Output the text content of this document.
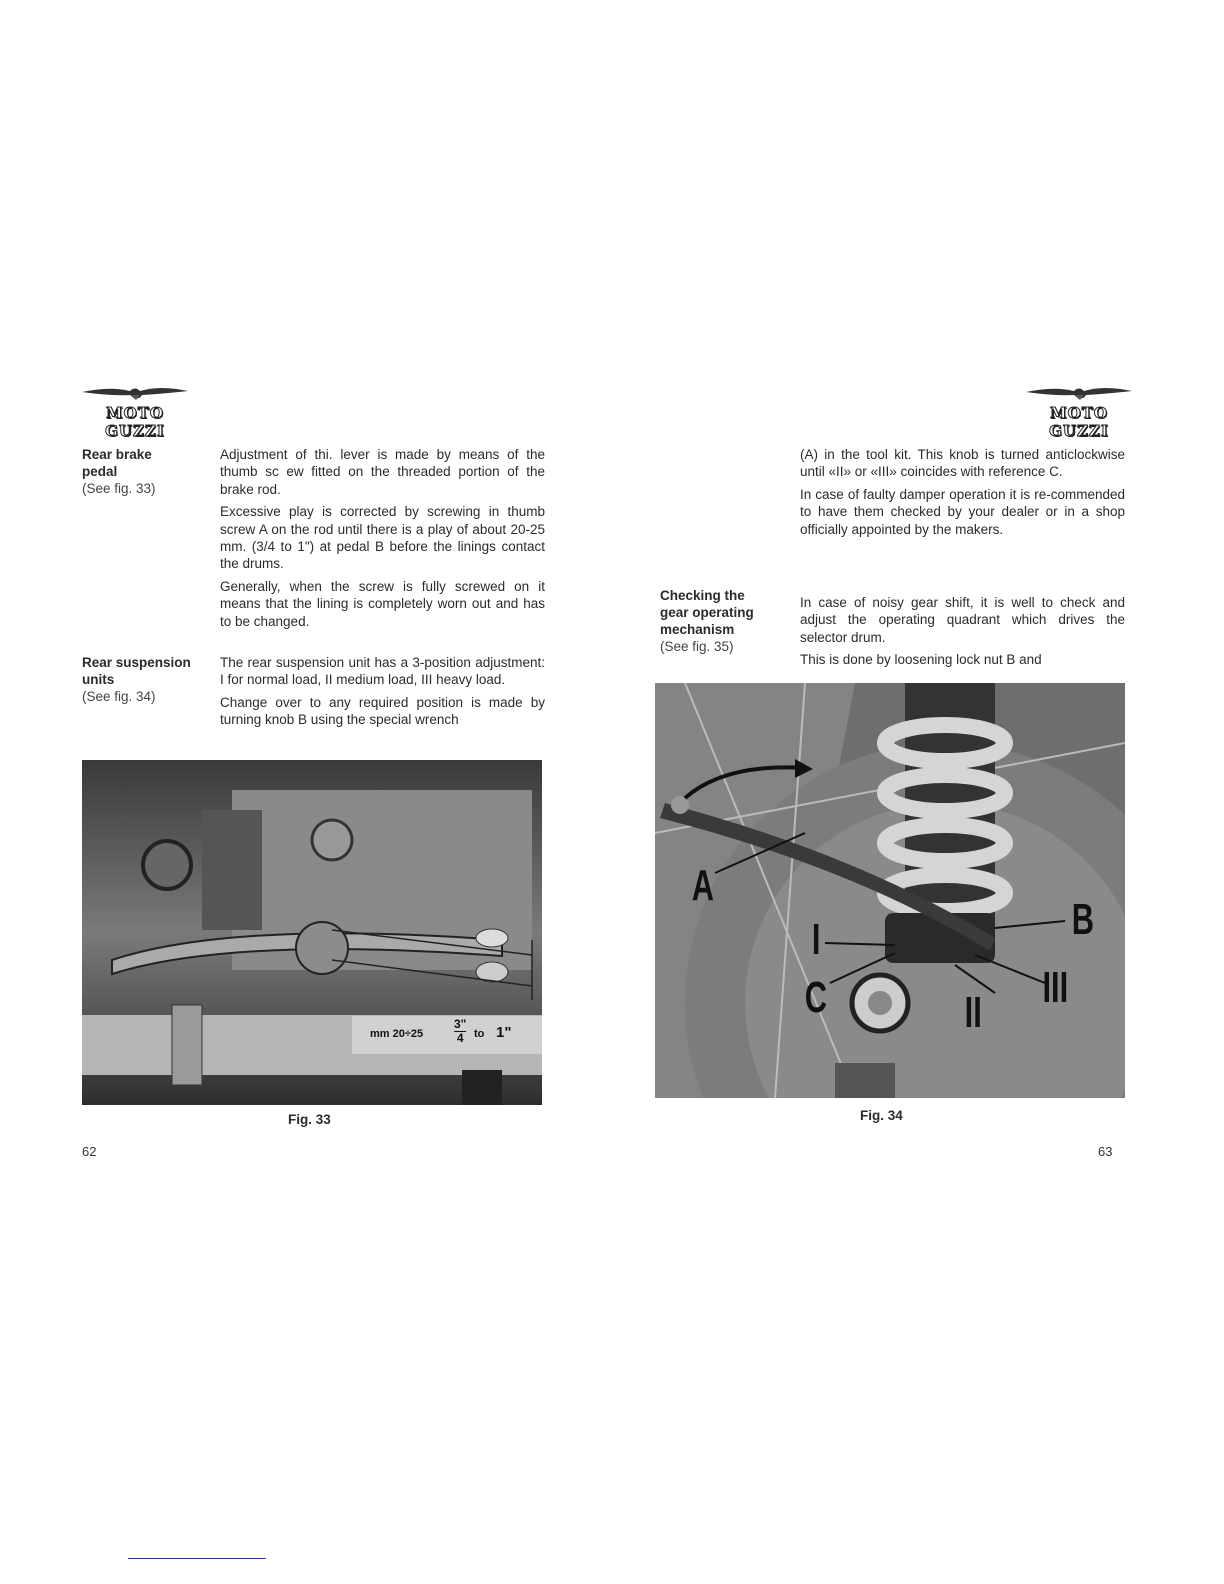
MOTO GUZZI
MOTO GUZZI
Rear brake
pedal
(See fig. 33)

Adjustment of thi. lever is made by means of the thumb sc ew fitted on the threaded portion of the brake rod.

Excessive play is corrected by screwing in thumb screw A on the rod until there is a play of about 20-25 mm. (3/4 to 1") at pedal B before the linings contact the drums.

Generally, when the screw is fully screwed on it means that the lining is completely worn out and has to be changed.

Rear suspension
units
(See fig. 34)

The rear suspension unit has a 3-position adjustment: I for normal load, II medium load, III heavy load.

Change over to any required position is made by turning knob B using the special wrench

mm 20÷25	$\frac{3"}{4}$ to 1"
Fig. 33
62

(A) in the tool kit. This knob is turned anticlockwise until «II» or «III» coincides with reference C.

In case of faulty damper operation it is re-commended to have them checked by your dealer or in a shop officially appointed by the makers.

Checking the
gear operating
mechanism
(See fig. 35)

In case of noisy gear shift, it is well to check and adjust the operating quadrant which drives the selector drum.

This is done by loosening lock nut B and

A
B
I
C	II
III
Fig. 34
63
